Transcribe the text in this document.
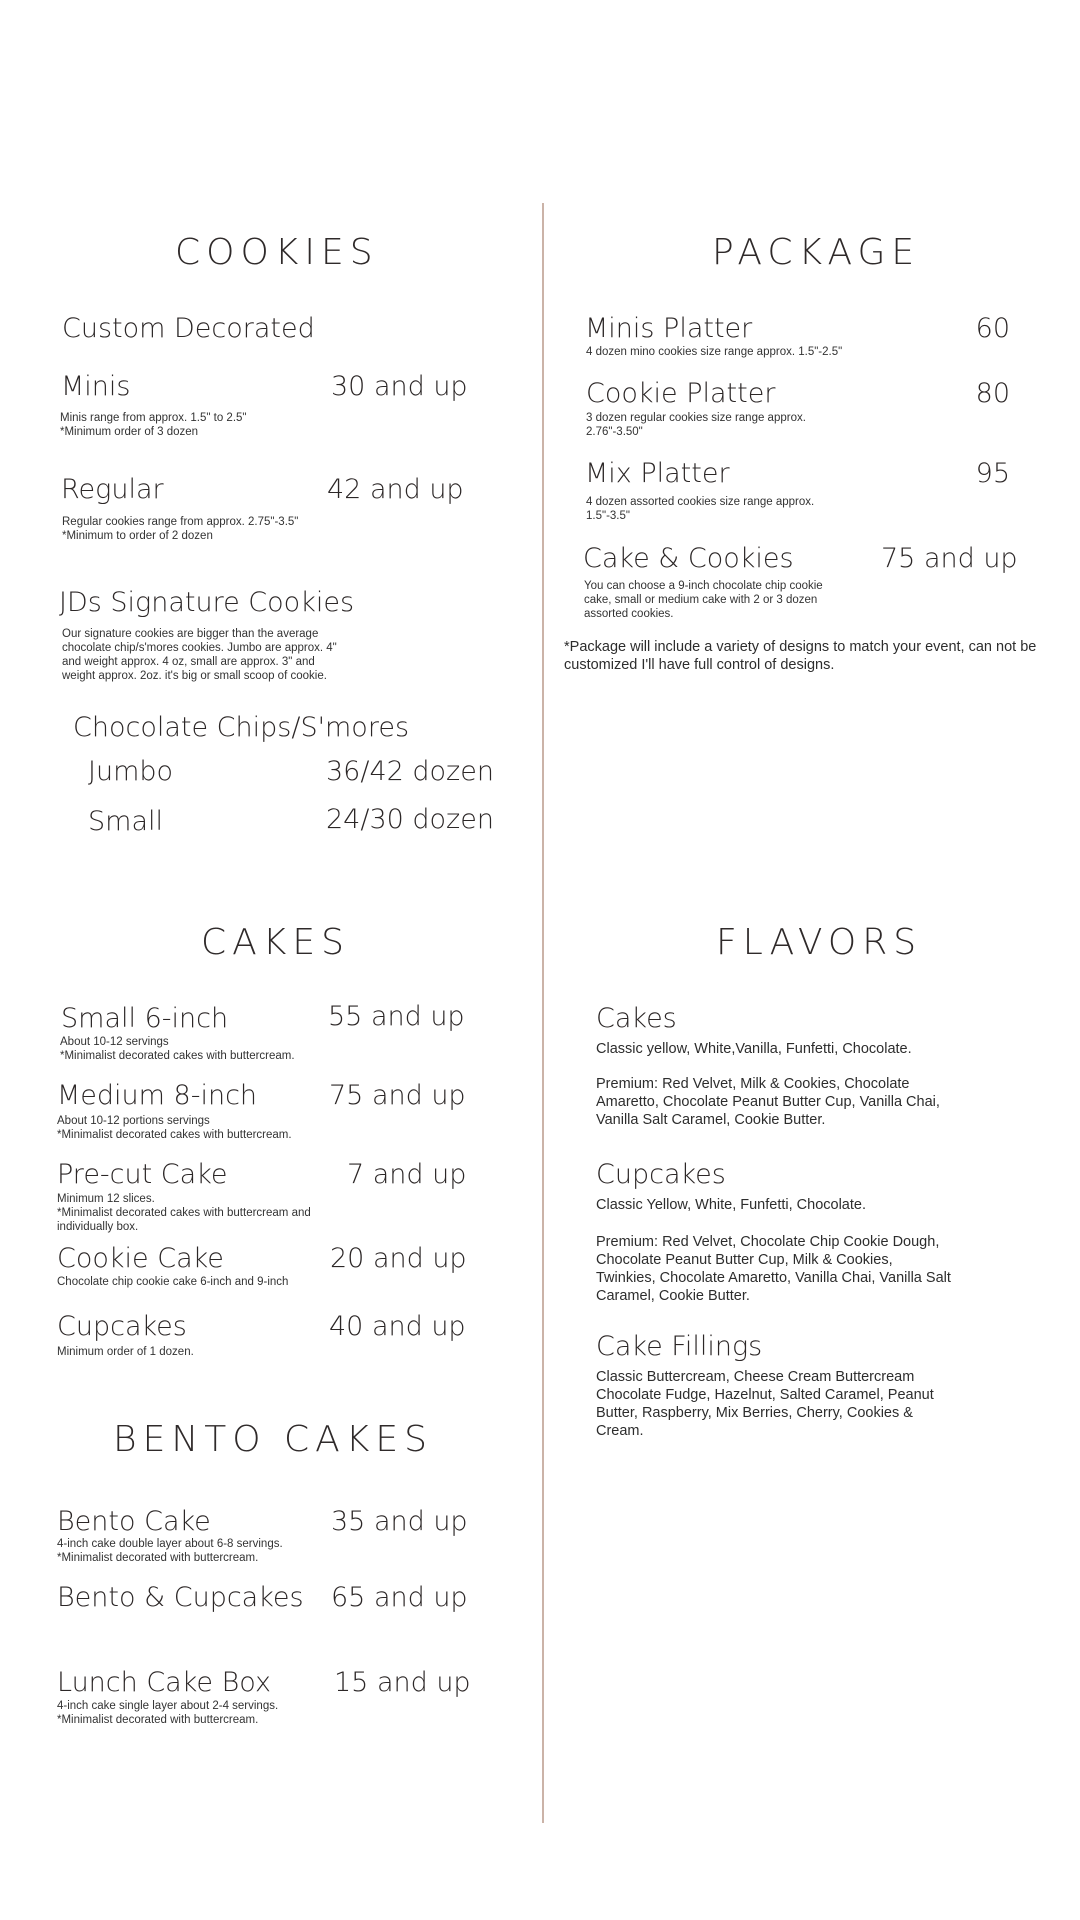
COOKIES
Custom Decorated
Minis	30 and up
Minis range from approx. 1.5" to 2.5"
*Minimum order of 3 dozen
Regular	42 and up
Regular cookies range from approx. 2.75"-3.5"
*Minimum to order of 2 dozen
JDs Signature Cookies
Our signature cookies are bigger than the average chocolate chip/s'mores cookies. Jumbo are approx. 4" and weight approx. 4 oz, small are approx. 3" and weight approx. 2oz. it's big or small scoop of cookie.
Chocolate Chips/S'mores
Jumbo	36/42 dozen
Small	24/30 dozen
PACKAGE
Minis Platter	60
4 dozen mino cookies size range approx. 1.5"-2.5"
Cookie Platter	80
3 dozen regular cookies size range approx. 2.76"-3.50"
Mix Platter	95
4 dozen assorted cookies size range approx. 1.5"-3.5"
Cake & Cookies	75 and up
You can choose a 9-inch chocolate chip cookie cake, small or medium cake with 2 or 3 dozen assorted cookies.
*Package will include a variety of designs to match your event, can not be customized I'll have full control of designs.
CAKES
Small 6-inch	55 and up
About 10-12 servings
*Minimalist decorated cakes with buttercream.
Medium 8-inch	75 and up
About 10-12 portions servings
*Minimalist decorated cakes with buttercream.
Pre-cut Cake	7 and up
Minimum 12 slices.
*Minimalist decorated cakes with buttercream and individually box.
Cookie Cake	20 and up
Chocolate chip cookie cake 6-inch and 9-inch
Cupcakes	40 and up
Minimum order of 1 dozen.
BENTO CAKES
Bento Cake	35 and up
4-inch cake double layer about 6-8 servings.
*Minimalist decorated with buttercream.
Bento & Cupcakes 65 and up
Lunch Cake Box 15 and up
4-inch cake single layer about 2-4 servings.
*Minimalist decorated with buttercream.
FLAVORS
Cakes
Classic yellow, White,Vanilla, Funfetti, Chocolate.
Premium: Red Velvet, Milk & Cookies, Chocolate Amaretto, Chocolate Peanut Butter Cup, Vanilla Chai, Vanilla Salt Caramel, Cookie Butter.
Cupcakes
Classic Yellow, White, Funfetti, Chocolate.
Premium: Red Velvet, Chocolate Chip Cookie Dough, Chocolate Peanut Butter Cup, Milk & Cookies, Twinkies, Chocolate Amaretto, Vanilla Chai, Vanilla Salt Caramel, Cookie Butter.
Cake Fillings
Classic Buttercream, Cheese Cream Buttercream Chocolate Fudge, Hazelnut, Salted Caramel, Peanut Butter, Raspberry, Mix Berries, Cherry, Cookies & Cream.
